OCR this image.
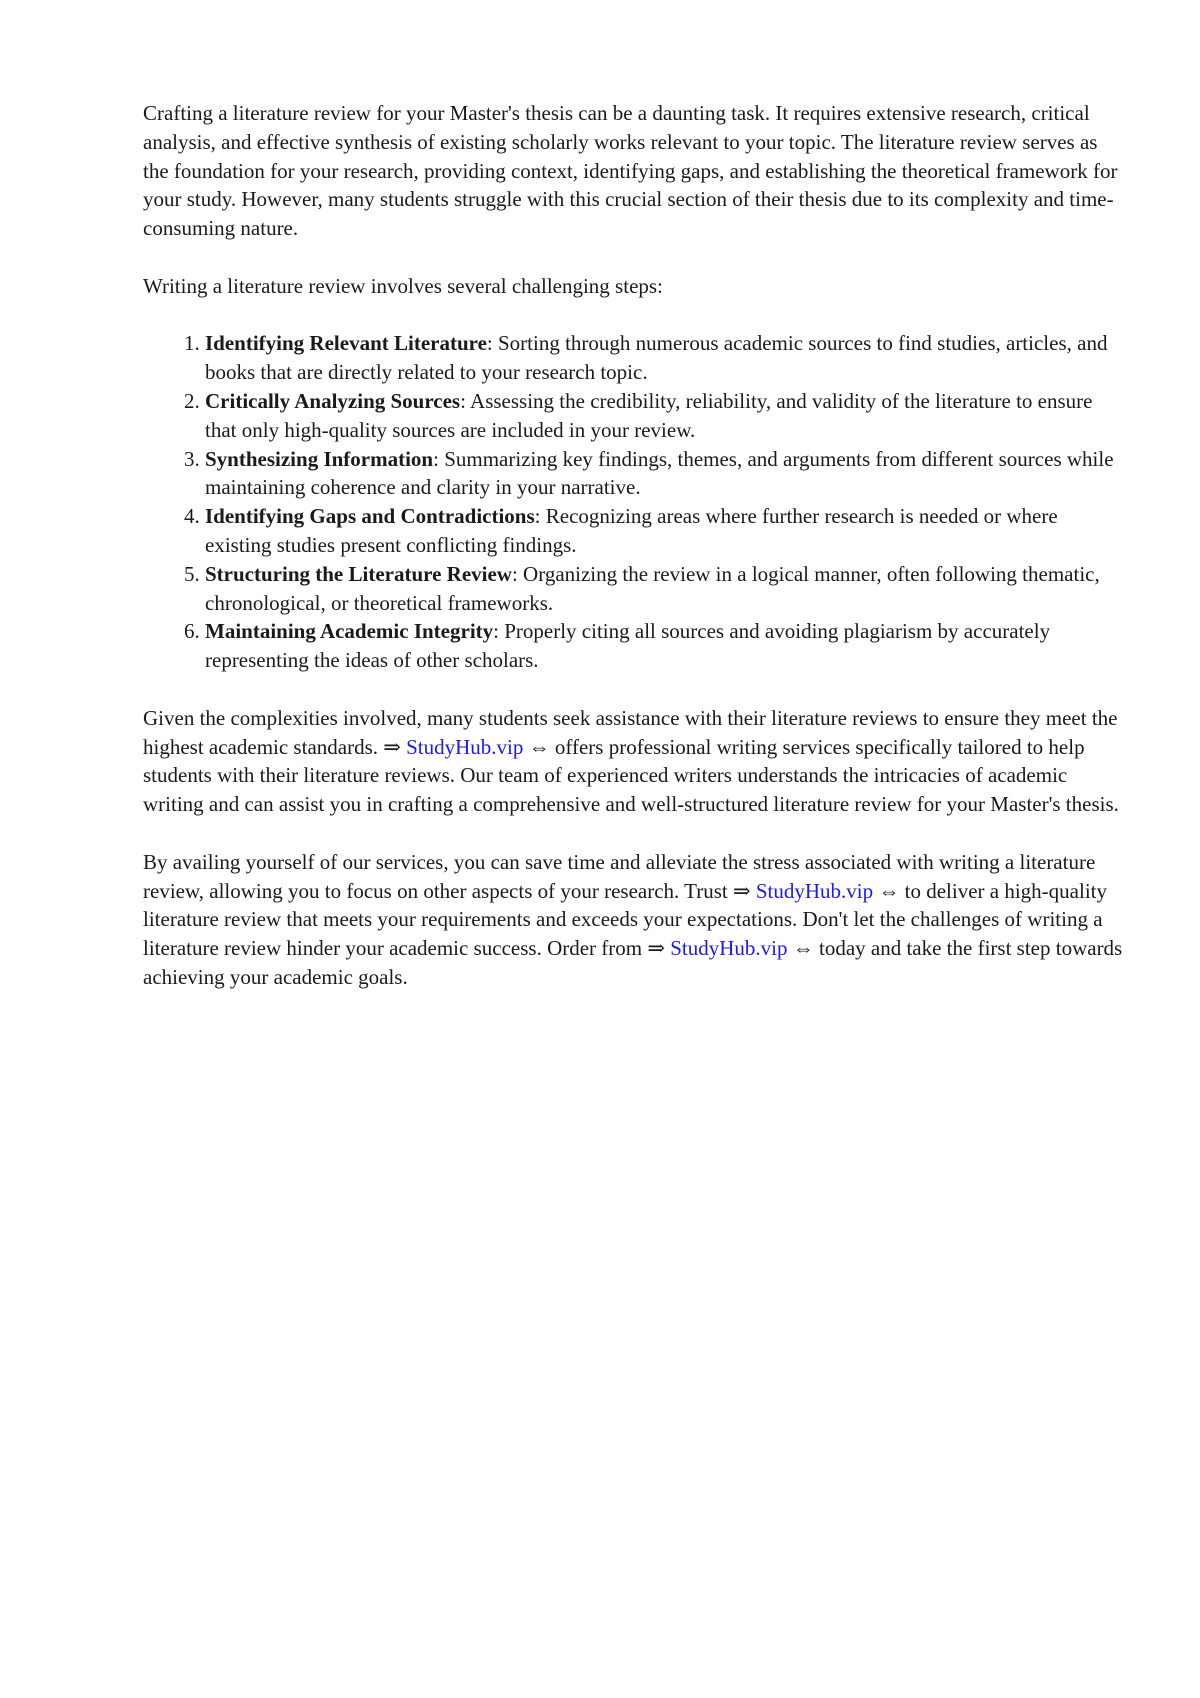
Crafting a literature review for your Master's thesis can be a daunting task. It requires extensive research, critical analysis, and effective synthesis of existing scholarly works relevant to your topic. The literature review serves as the foundation for your research, providing context, identifying gaps, and establishing the theoretical framework for your study. However, many students struggle with this crucial section of their thesis due to its complexity and time-consuming nature.

Writing a literature review involves several challenging steps:

1. Identifying Relevant Literature: Sorting through numerous academic sources to find studies, articles, and books that are directly related to your research topic.
2. Critically Analyzing Sources: Assessing the credibility, reliability, and validity of the literature to ensure that only high-quality sources are included in your review.
3. Synthesizing Information: Summarizing key findings, themes, and arguments from different sources while maintaining coherence and clarity in your narrative.
4. Identifying Gaps and Contradictions: Recognizing areas where further research is needed or where existing studies present conflicting findings.
5. Structuring the Literature Review: Organizing the review in a logical manner, often following thematic, chronological, or theoretical frameworks.
6. Maintaining Academic Integrity: Properly citing all sources and avoiding plagiarism by accurately representing the ideas of other scholars.

Given the complexities involved, many students seek assistance with their literature reviews to ensure they meet the highest academic standards. ⇒ StudyHub.vip ⇔ offers professional writing services specifically tailored to help students with their literature reviews. Our team of experienced writers understands the intricacies of academic writing and can assist you in crafting a comprehensive and well-structured literature review for your Master's thesis.

By availing yourself of our services, you can save time and alleviate the stress associated with writing a literature review, allowing you to focus on other aspects of your research. Trust ⇒ StudyHub.vip ⇔ to deliver a high-quality literature review that meets your requirements and exceeds your expectations. Don't let the challenges of writing a literature review hinder your academic success. Order from ⇒ StudyHub.vip ⇔ today and take the first step towards achieving your academic goals.
